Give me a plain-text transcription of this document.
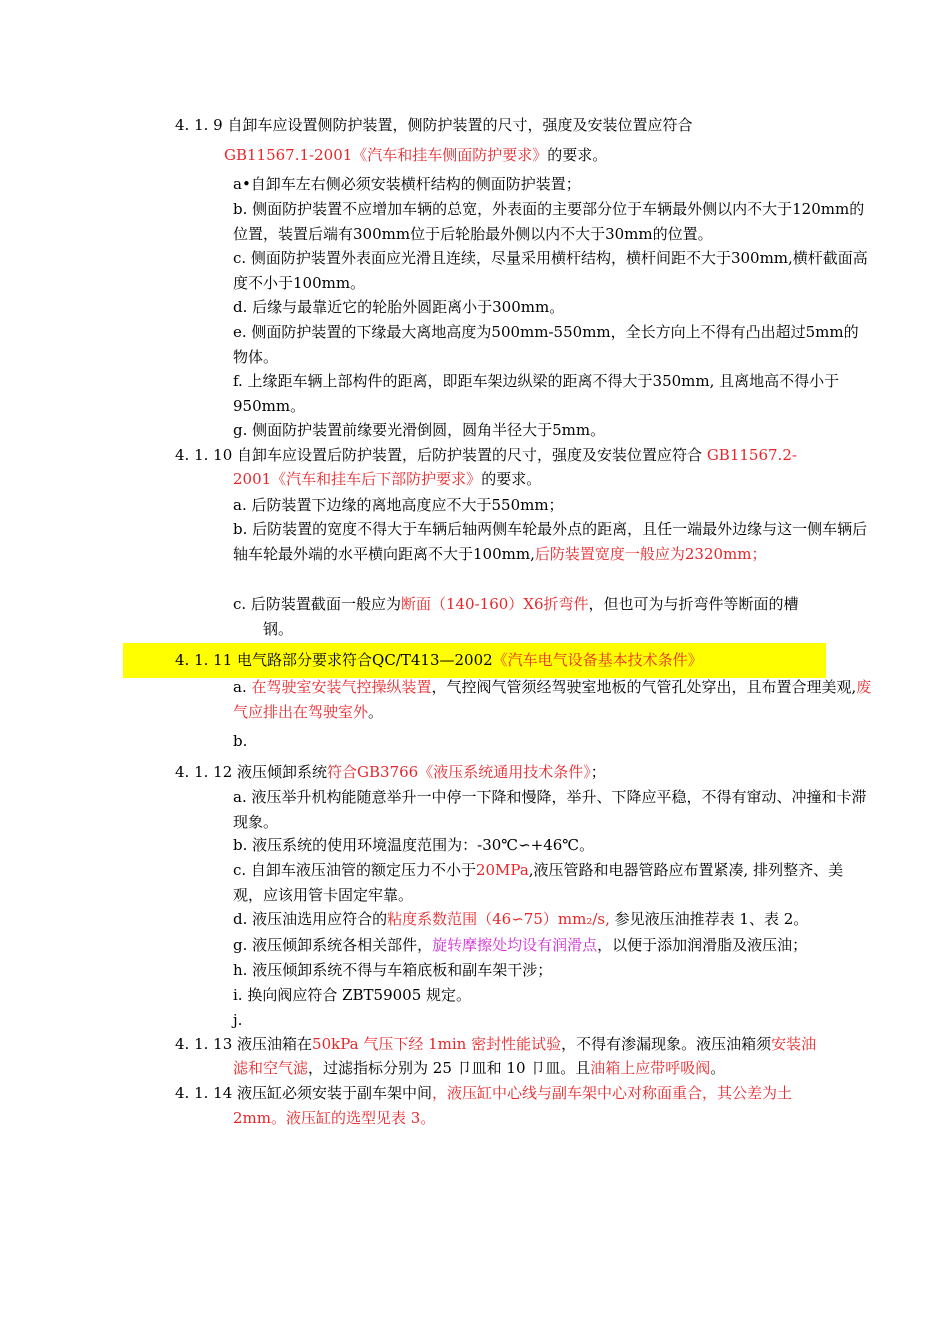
4. 1. 9 自卸车应设置侧防护装置，侧防护装置的尺寸，强度及安装位置应符合

GB11567.1-2001《汽车和挂车侧面防护要求》的要求。

a•自卸车左右侧必须安装横杆结构的侧面防护装置；

b. 侧面防护装置不应增加车辆的总宽，外表面的主要部分位于车辆最外侧以内不大于120mm的位置，装置后端有300mm位于后轮胎最外侧以内不大于30mm的位置。

c. 侧面防护装置外表面应光滑且连续，尽量采用横杆结构，横杆间距不大于300mm,横杆截面高度不小于100mm。

d. 后缘与最靠近它的轮胎外圆距离小于300mm。

e. 侧面防护装置的下缘最大离地高度为500mm-550mm，全长方向上不得有凸出超过5mm的物体。

f. 上缘距车辆上部构件的距离，即距车架边纵梁的距离不得大于350mm, 且离地高不得小于950mm。

g. 侧面防护装置前缘要光滑倒圆，圆角半径大于5mm。

4. 1. 10 自卸车应设置后防护装置，后防护装置的尺寸，强度及安装位置应符合 GB11567.2-

2001《汽车和挂车后下部防护要求》的要求。

a. 后防装置下边缘的离地高度应不大于550mm；

b. 后防装置的宽度不得大于车辆后轴两侧车轮最外点的距离，且任一端最外边缘与这一侧车辆后轴车轮最外端的水平横向距离不大于100mm,后防装置宽度一般应为2320mm；

c. 后防装置截面一般应为断面（140-160）X6折弯件，但也可为与折弯件等断面的槽

钢。

4. 1. 11 电气路部分要求符合QC/T413—2002《汽车电气设备基本技术条件》

a. 在驾驶室安装气控操纵装置，气控阀气管须经驾驶室地板的气管孔处穿出，且布置合理美观,废气应排出在驾驶室外。

b.

4. 1. 12 液压倾卸系统符合GB3766《液压系统通用技术条件》；

a. 液压举升机构能随意举升一中停一下降和慢降，举升、下降应平稳，不得有窜动、冲撞和卡滞现象。

b. 液压系统的使用环境温度范围为：-30℃∽+46℃。

c. 自卸车液压油管的额定压力不小于20MPa,液压管路和电器管路应布置紧凑, 排列整齐、美观，应该用管卡固定牢靠。

d. 液压油选用应符合的粘度系数范围（46∽75）mm₂/s, 参见液压油推荐表 1、表 2。

g. 液压倾卸系统各相关部件，旋转摩擦处均设有润滑点，以便于添加润滑脂及液压油；

h. 液压倾卸系统不得与车箱底板和副车架干涉；

i. 换向阀应符合 ZBT59005 规定。

j.

4. 1. 13 液压油箱在50kPa 气压下经 1min 密封性能试验，不得有渗漏现象。液压油箱须安装油

滤和空气滤，过滤指标分别为 25 卩皿和 10 卩皿。且油箱上应带呼吸阀。

4. 1. 14 液压缸必须安装于副车架中间，液压缸中心线与副车架中心对称面重合，其公差为土

2mm。液压缸的选型见表 3。
